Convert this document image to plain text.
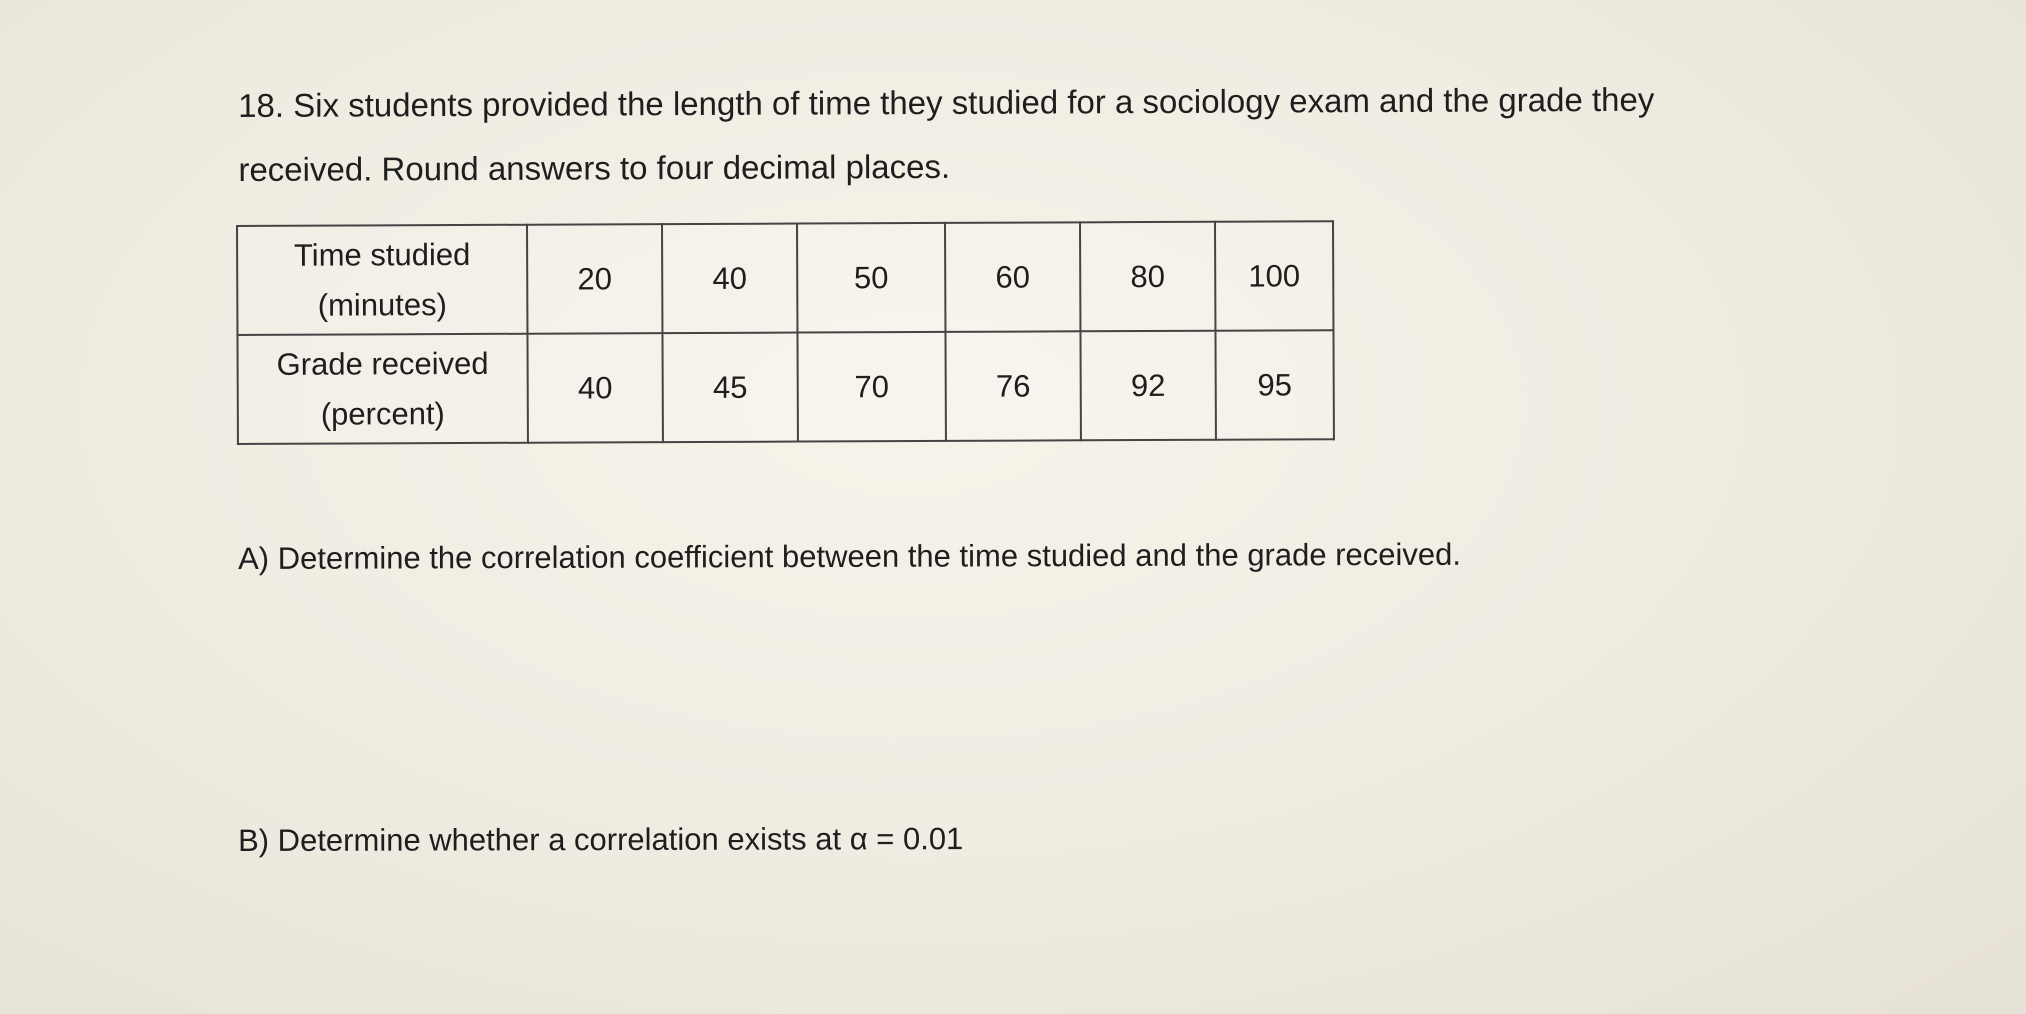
18. Six students provided the length of time they studied for a sociology exam and the grade they
received. Round answers to four decimal places.
Time studied
(minutes)	20	40	50	60	80	100

Grade received
(percent)	40	45	70	76	92	95
A) Determine the correlation coefficient between the time studied and the grade received.
B) Determine whether a correlation exists at α = 0.01
